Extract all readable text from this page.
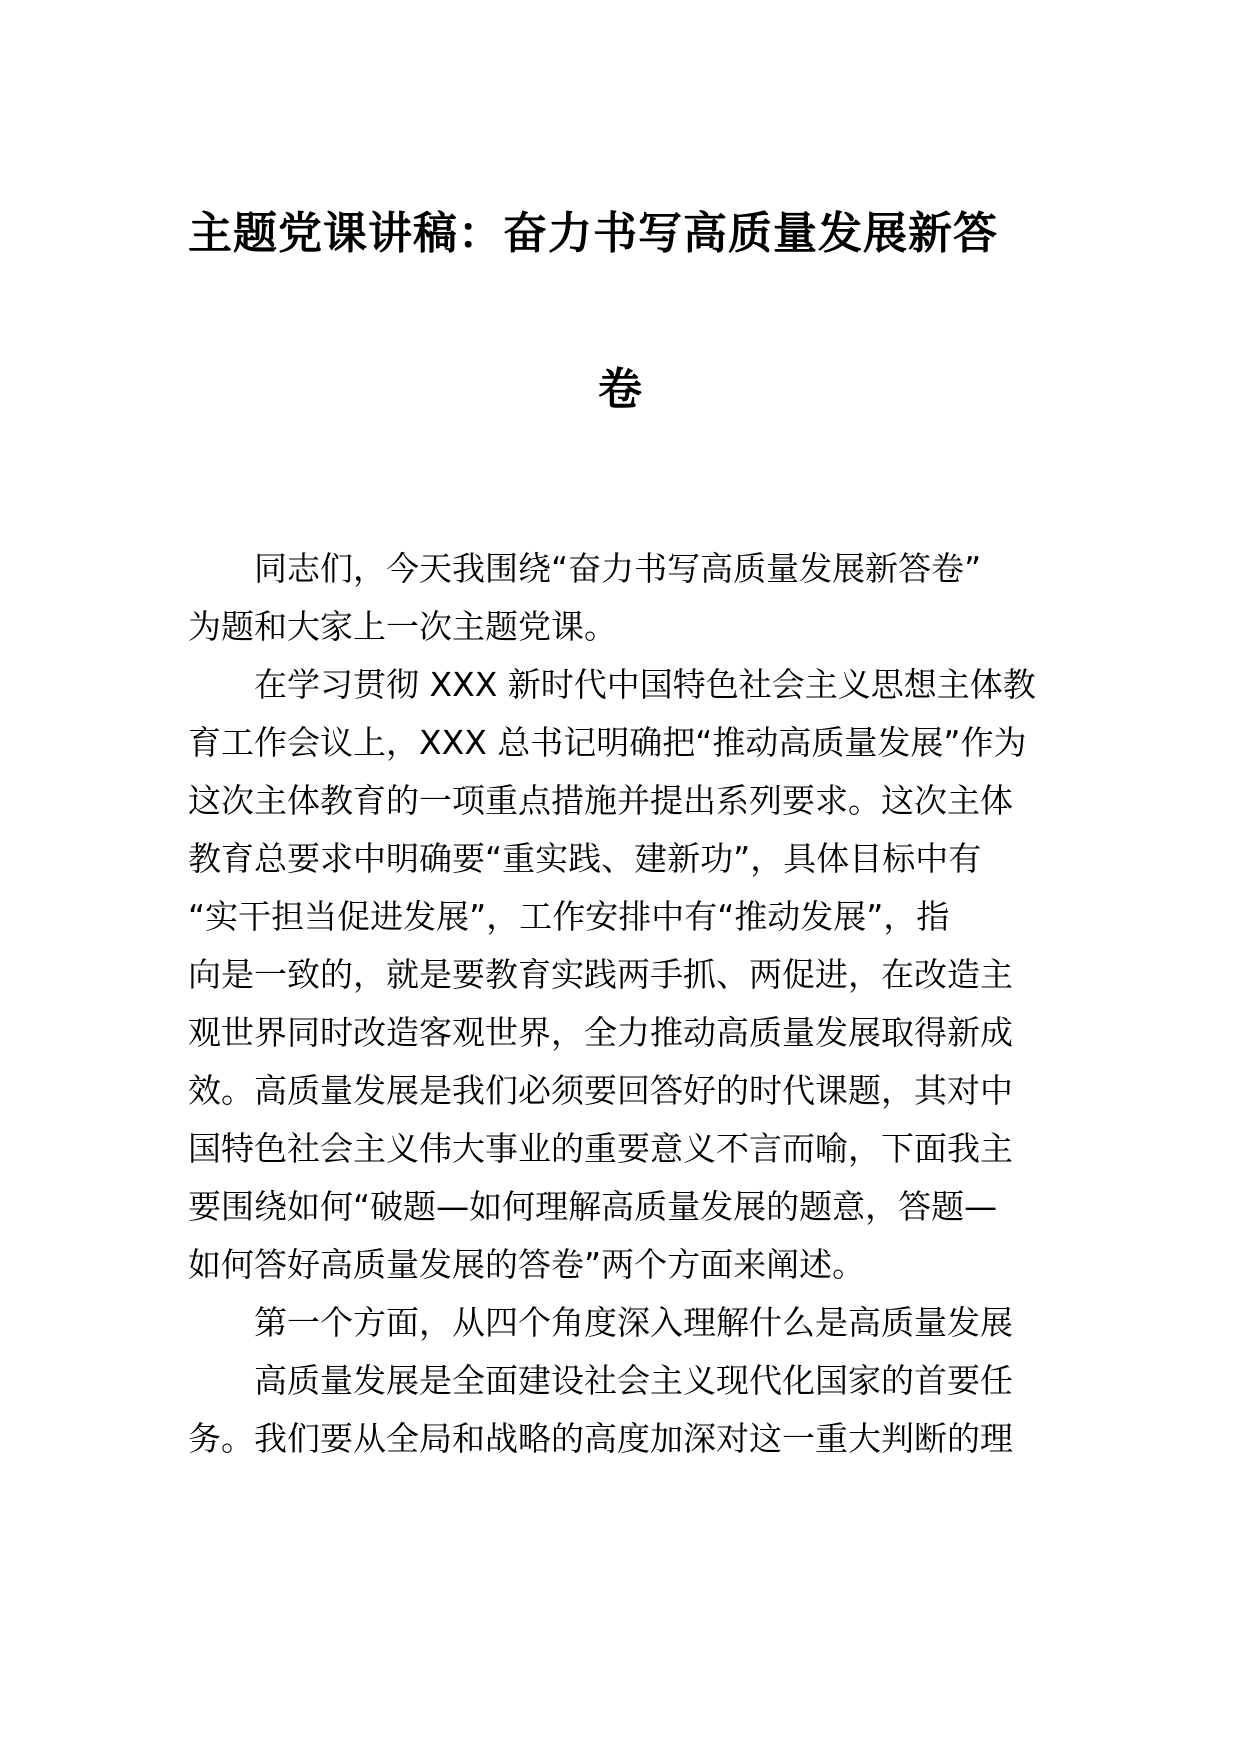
主题党课讲稿：奋力书写高质量发展新答
卷
同志们，今天我围绕“奋力书写高质量发展新答卷”
为题和大家上一次主题党课。
在学习贯彻 XXX 新时代中国特色社会主义思想主体教
育工作会议上，XXX 总书记明确把“推动高质量发展”作为
这次主体教育的一项重点措施并提出系列要求。这次主体
教育总要求中明确要“重实践、建新功”，具体目标中有
“实干担当促进发展”，工作安排中有“推动发展”，指
向是一致的，就是要教育实践两手抓、两促进，在改造主
观世界同时改造客观世界，全力推动高质量发展取得新成
效。高质量发展是我们必须要回答好的时代课题，其对中
国特色社会主义伟大事业的重要意义不言而喻，下面我主
要围绕如何“破题—如何理解高质量发展的题意，答题—
如何答好高质量发展的答卷”两个方面来阐述。
第一个方面，从四个角度深入理解什么是高质量发展
高质量发展是全面建设社会主义现代化国家的首要任
务。我们要从全局和战略的高度加深对这一重大判断的理
